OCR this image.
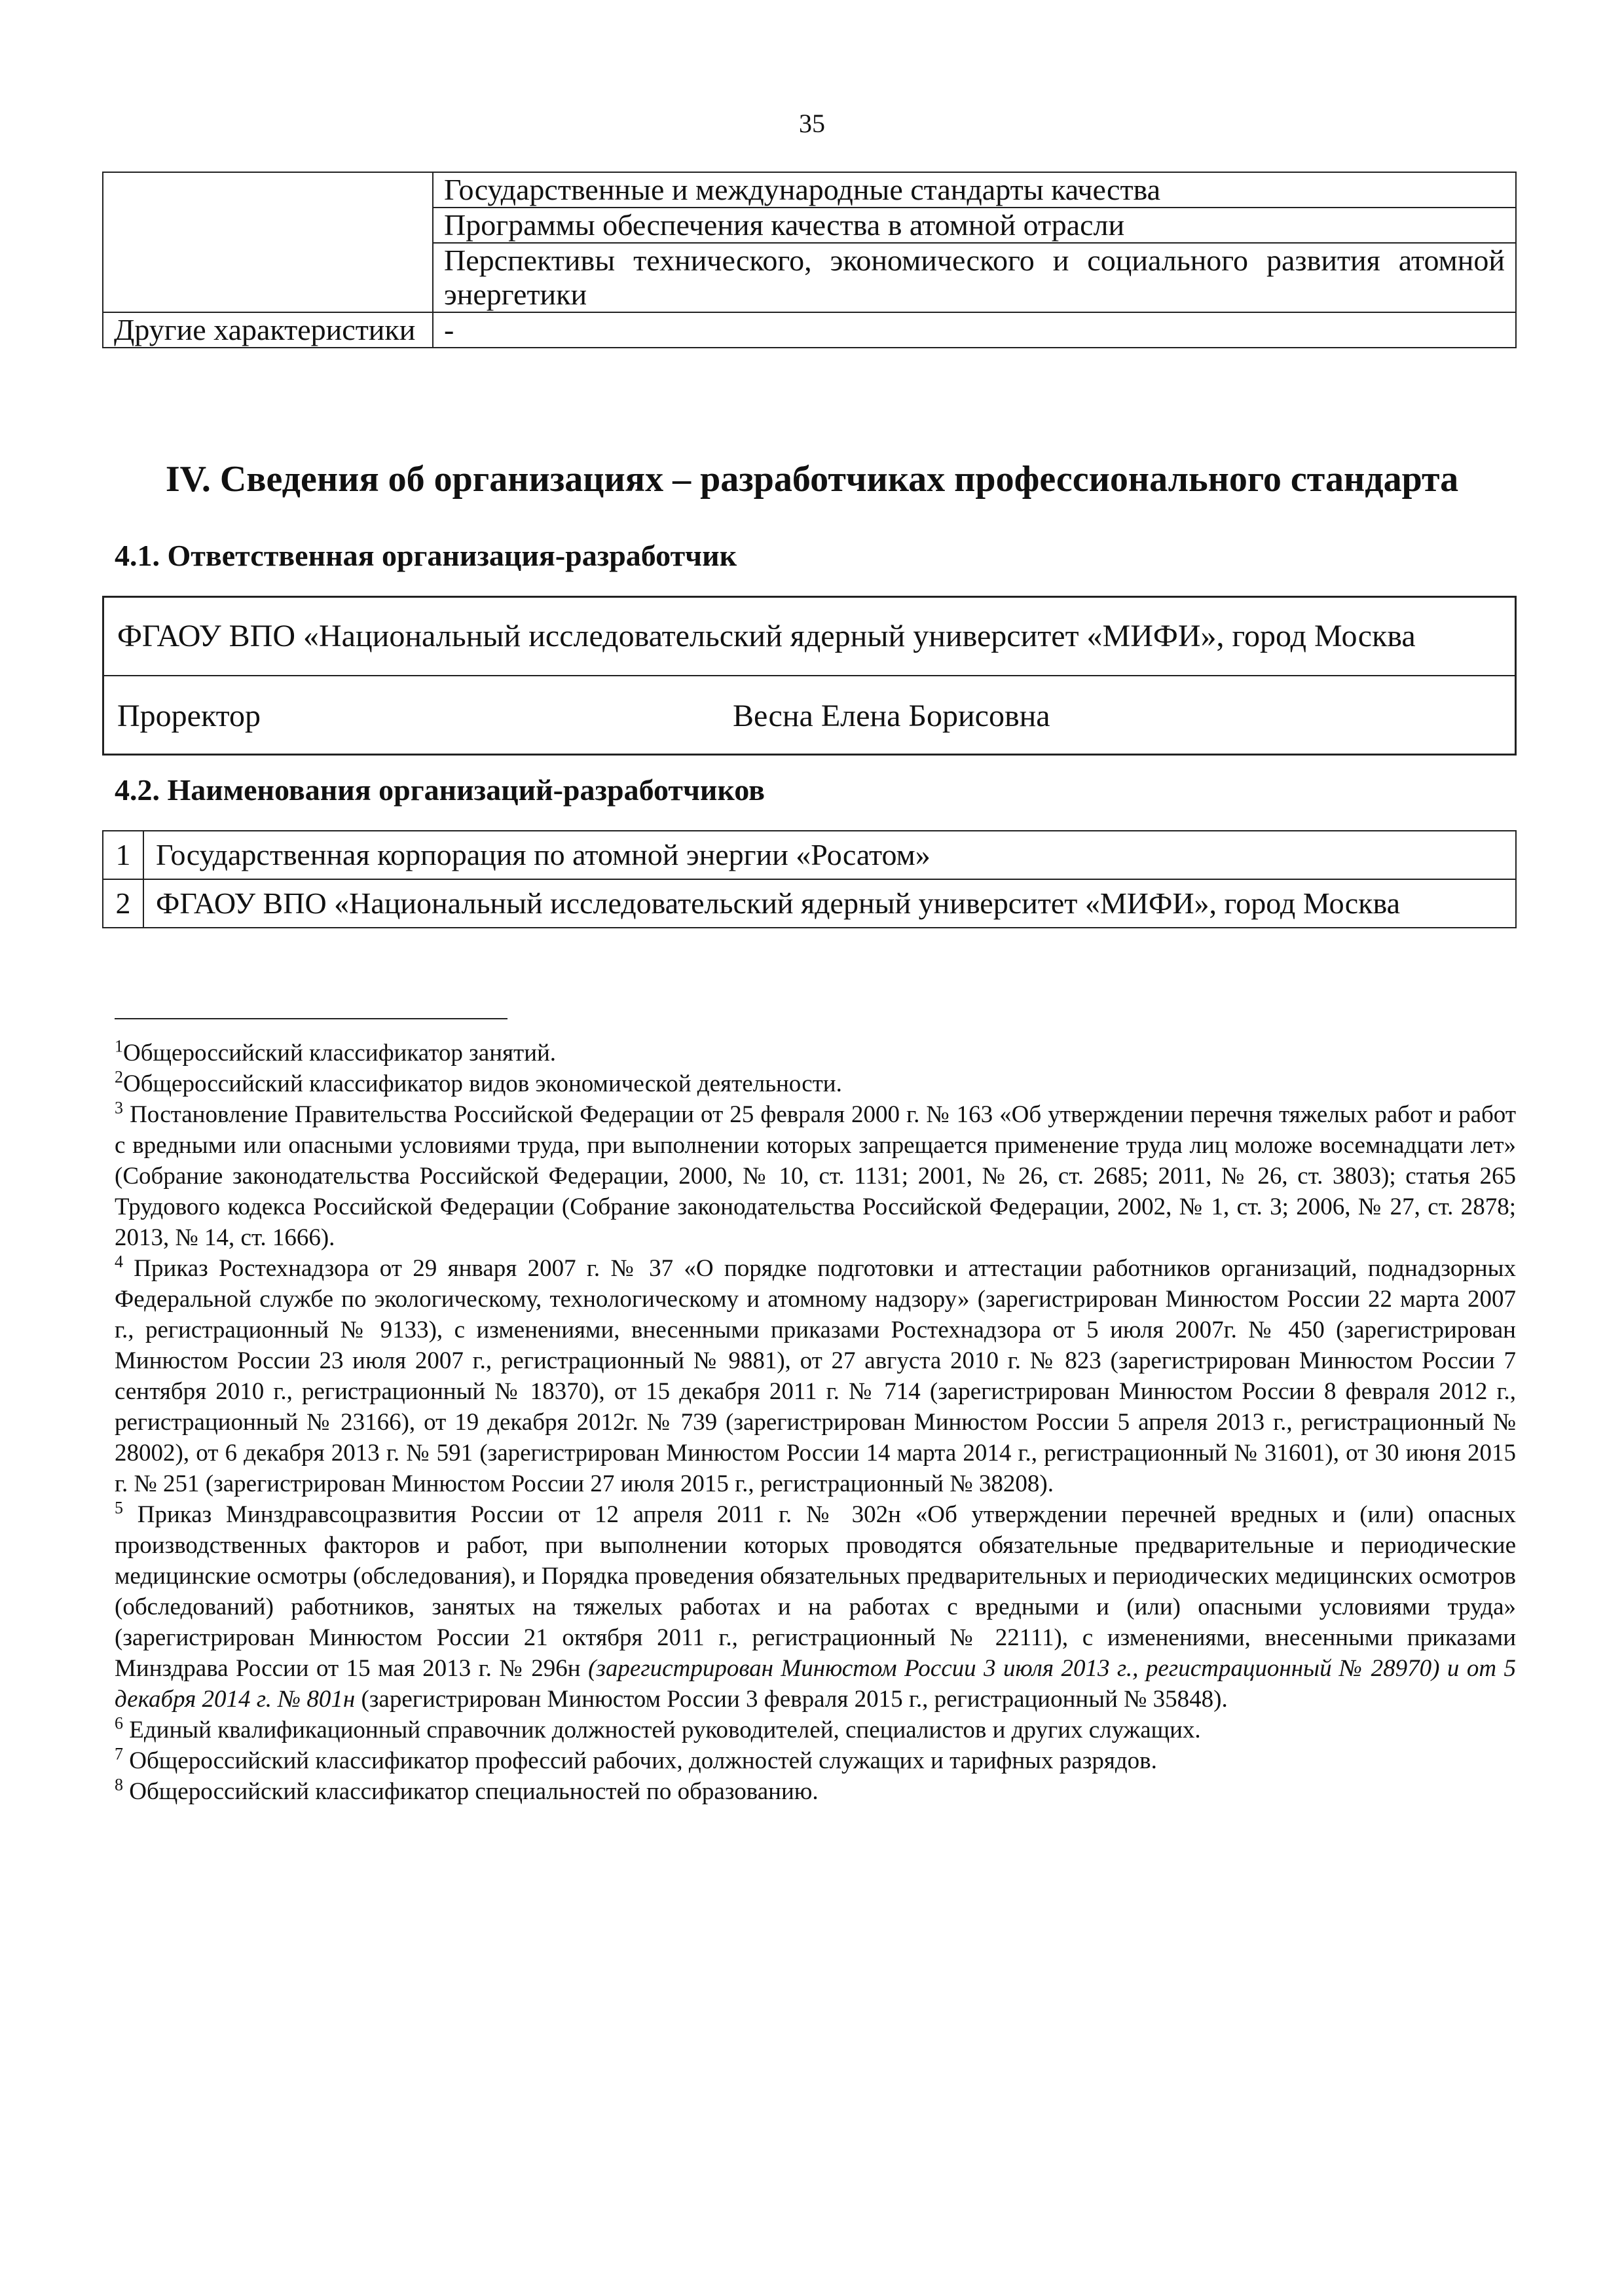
35
	Государственные и международные стандарты качества
	Программы обеспечения качества в атомной отрасли
	Перспективы технического, экономического и социального развития атомной энергетики
Другие характеристики	-
IV. Сведения об организациях – разработчиках профессионального стандарта
4.1. Ответственная организация-разработчик
ФГАОУ ВПО «Национальный исследовательский ядерный университет «МИФИ», город Москва

Проректор	Весна Елена Борисовна
4.2. Наименования организаций-разработчиков
1	Государственная корпорация по атомной энергии «Росатом»
2	ФГАОУ ВПО «Национальный исследовательский ядерный университет «МИФИ», город Москва

$^1$Общероссийский классификатор занятий.

$^2$Общероссийский классификатор видов экономической деятельности.

$^3$ Постановление Правительства Российской Федерации от 25 февраля 2000 г. № 163 «Об утверждении перечня тяжелых работ и работ с вредными или опасными условиями труда, при выполнении которых запрещается применение труда лиц моложе восемнадцати лет» (Собрание законодательства Российской Федерации, 2000, № 10, ст. 1131; 2001, № 26, ст. 2685; 2011, № 26, ст. 3803); статья 265 Трудового кодекса Российской Федерации (Собрание законодательства Российской Федерации, 2002, № 1, ст. 3; 2006, № 27, ст. 2878; 2013, № 14, ст. 1666).

$^4$ Приказ Ростехнадзора от 29 января 2007 г. № 37 «О порядке подготовки и аттестации работников организаций, поднадзорных Федеральной службе по экологическому, технологическому и атомному надзору» (зарегистрирован Минюстом России 22 марта 2007 г., регистрационный № 9133), с изменениями, внесенными приказами Ростехнадзора от 5 июля 2007г. № 450 (зарегистрирован Минюстом России 23 июля 2007 г., регистрационный № 9881), от 27 августа 2010 г. № 823 (зарегистрирован Минюстом России 7 сентября 2010 г., регистрационный № 18370), от 15 декабря 2011 г. № 714 (зарегистрирован Минюстом России 8 февраля 2012 г., регистрационный № 23166), от 19 декабря 2012г. № 739 (зарегистрирован Минюстом России 5 апреля 2013 г., регистрационный № 28002), от 6 декабря 2013 г. № 591 (зарегистрирован Минюстом России 14 марта 2014 г., регистрационный № 31601), от 30 июня 2015 г. № 251 (зарегистрирован Минюстом России 27 июля 2015 г., регистрационный № 38208).

$^5$ Приказ Минздравсоцразвития России от 12 апреля 2011 г. № 302н «Об утверждении перечней вредных и (или) опасных производственных факторов и работ, при выполнении которых проводятся обязательные предварительные и периодические медицинские осмотры (обследования), и Порядка проведения обязательных предварительных и периодических медицинских осмотров (обследований) работников, занятых на тяжелых работах и на работах с вредными и (или) опасными условиями труда» (зарегистрирован Минюстом России 21 октября 2011 г., регистрационный № 22111), с изменениями, внесенными приказами Минздрава России от 15 мая 2013 г. № 296н (зарегистрирован Минюстом России 3 июля 2013 г., регистрационный № 28970) и от 5 декабря 2014 г. № 801н (зарегистрирован Минюстом России 3 февраля 2015 г., регистрационный № 35848).

$^6$ Единый квалификационный справочник должностей руководителей, специалистов и других служащих.

$^7$ Общероссийский классификатор профессий рабочих, должностей служащих и тарифных разрядов.

$^8$ Общероссийский классификатор специальностей по образованию.
